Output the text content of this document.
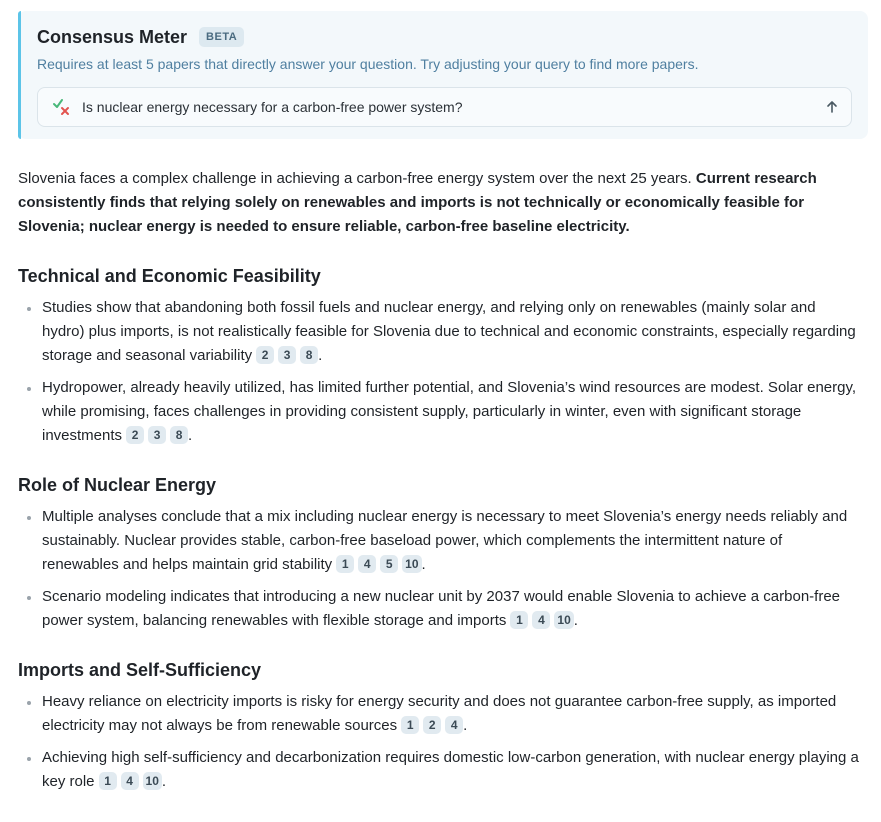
Consensus Meter	BETA
Requires at least 5 papers that directly answer your question. Try adjusting your query to find more papers.
Is nuclear energy necessary for a carbon-free power system?

Slovenia faces a complex challenge in achieving a carbon-free energy system over the next 25 years. Current research consistently finds that relying solely on renewables and imports is not technically or economically feasible for Slovenia; nuclear energy is needed to ensure reliable, carbon-free baseline electricity.

Technical and Economic Feasibility
Studies show that abandoning both fossil fuels and nuclear energy, and relying only on renewables (mainly solar and hydro) plus imports, is not realistically feasible for Slovenia due to technical and economic constraints, especially regarding storage and seasonal variability 2 3 8 .
Hydropower, already heavily utilized, has limited further potential, and Slovenia’s wind resources are modest. Solar energy, while promising, faces challenges in providing consistent supply, particularly in winter, even with significant storage investments 2 3 8 .
Role of Nuclear Energy
Multiple analyses conclude that a mix including nuclear energy is necessary to meet Slovenia’s energy needs reliably and sustainably. Nuclear provides stable, carbon-free baseload power, which complements the intermittent nature of renewables and helps maintain grid stability 1 4 5 10 .
Scenario modeling indicates that introducing a new nuclear unit by 2037 would enable Slovenia to achieve a carbon-free power system, balancing renewables with flexible storage and imports 1 4 10 .
Imports and Self-Sufficiency
Heavy reliance on electricity imports is risky for energy security and does not guarantee carbon-free supply, as imported electricity may not always be from renewable sources 1 2 4 .
Achieving high self-sufficiency and decarbonization requires domestic low-carbon generation, with nuclear energy playing a key role 1 4 10 .
